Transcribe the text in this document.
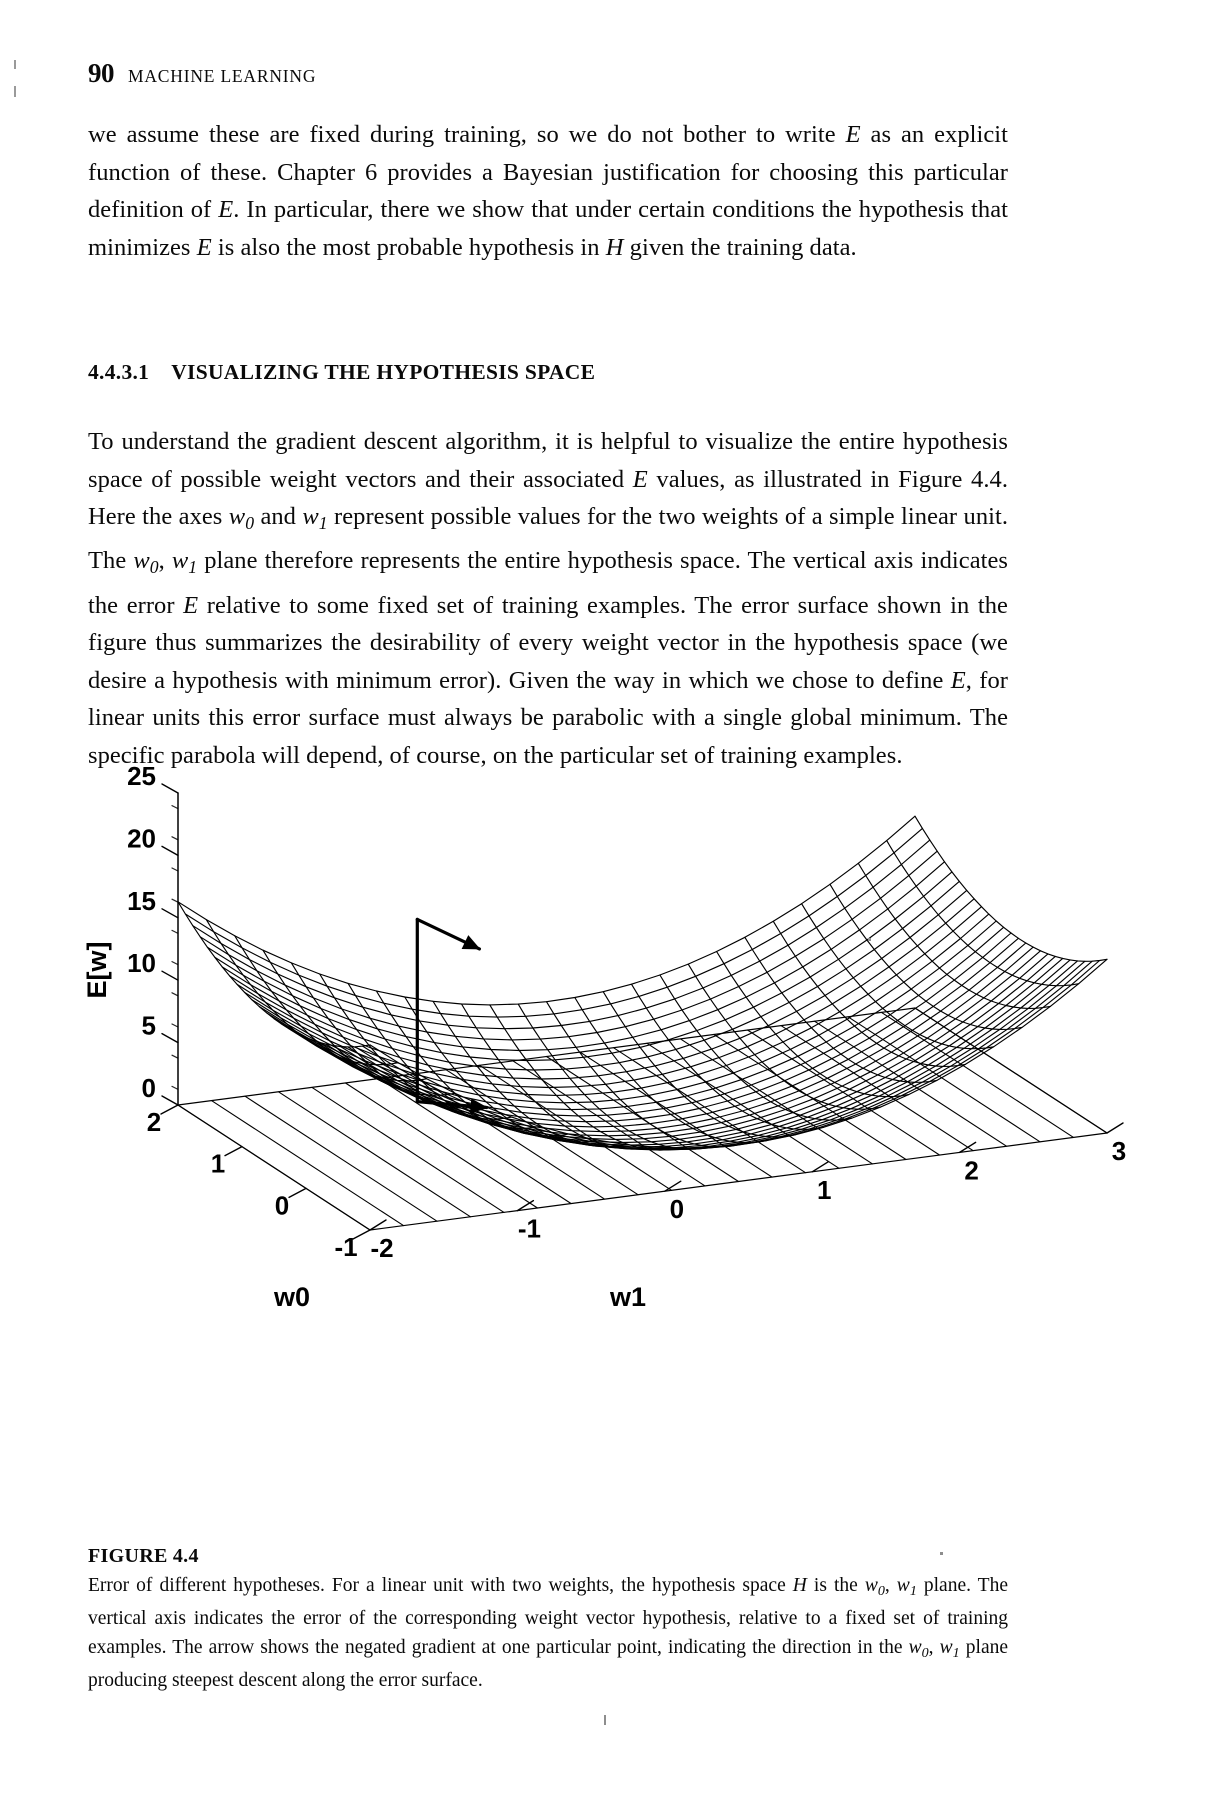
90 MACHINE LEARNING

we assume these are fixed during training, so we do not bother to write E as an explicit function of these. Chapter 6 provides a Bayesian justification for choosing this particular definition of E. In particular, there we show that under certain conditions the hypothesis that minimizes E is also the most probable hypothesis in H given the training data.

4.4.3.1 VISUALIZING THE HYPOTHESIS SPACE

To understand the gradient descent algorithm, it is helpful to visualize the entire hypothesis space of possible weight vectors and their associated E values, as illustrated in Figure 4.4. Here the axes $w_0$ and $w_1$ represent possible values for the two weights of a simple linear unit. The $w_0$, $w_1$ plane therefore represents the entire hypothesis space. The vertical axis indicates the error E relative to some fixed set of training examples. The error surface shown in the figure thus summarizes the desirability of every weight vector in the hypothesis space (we desire a hypothesis with minimum error). Given the way in which we chose to define E, for linear units this error surface must always be parabolic with a single global minimum. The specific parabola will depend, of course, on the particular set of training examples.

25
20
15
10
5
0
E[w]
2
1
0
-1
w0
3
2
1
0
-1
-2
w1
FIGURE 4.4

Error of different hypotheses. For a linear unit with two weights, the hypothesis space H is the $w_0$, $w_1$ plane. The vertical axis indicates the error of the corresponding weight vector hypothesis, relative to a fixed set of training examples. The arrow shows the negated gradient at one particular point, indicating the direction in the $w_0$, $w_1$ plane producing steepest descent along the error surface.
